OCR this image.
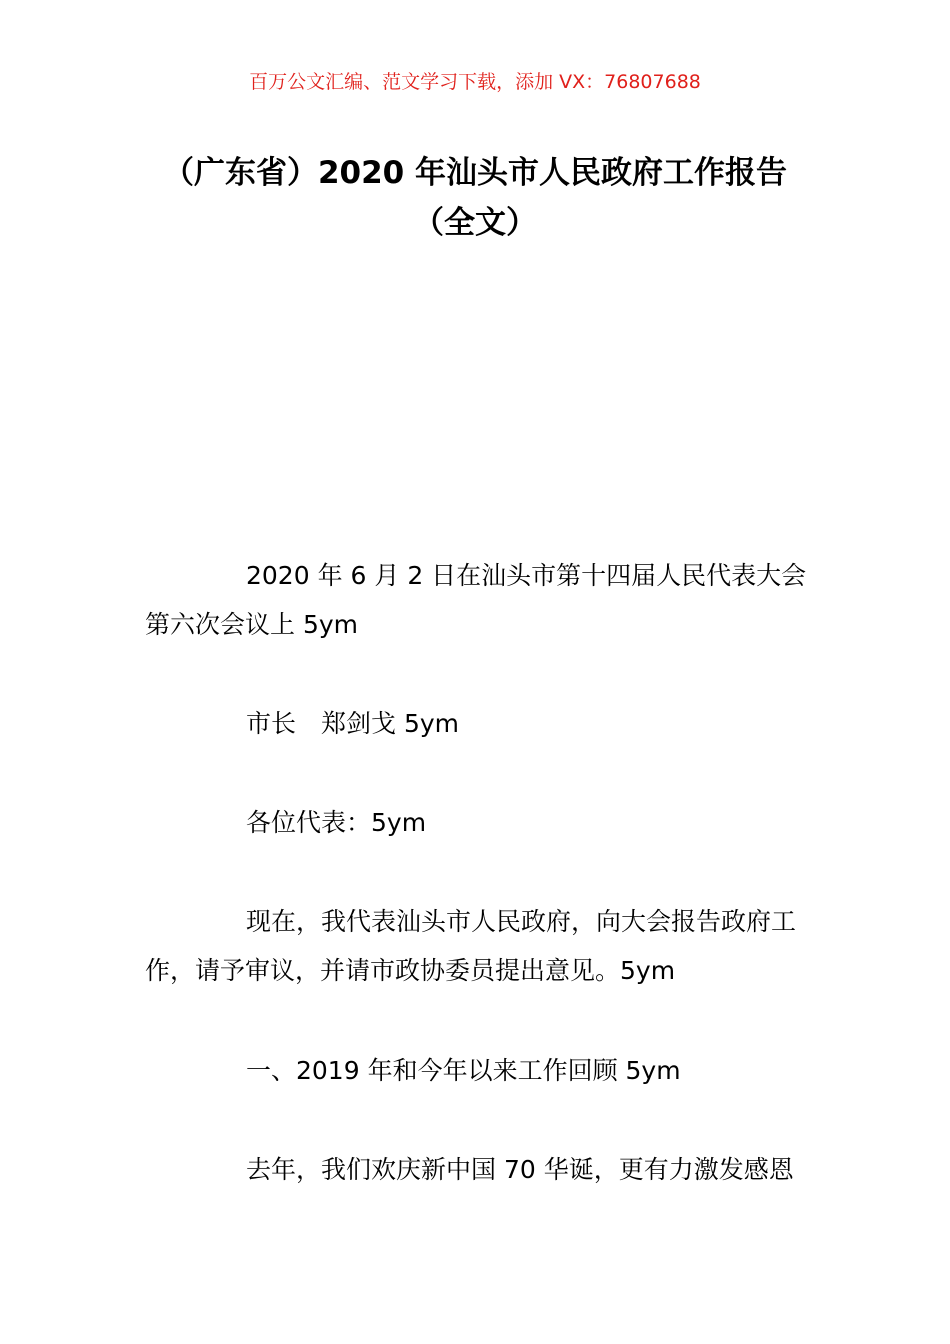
百万公文汇编、范文学习下载，添加 VX：76807688
（广东省）2020 年汕头市人民政府工作报告（全文）

2020 年 6 月 2 日在汕头市第十四届人民代表大会第六次会议上 5ym

市长　郑剑戈 5ym

各位代表：5ym

现在，我代表汕头市人民政府，向大会报告政府工作，请予审议，并请市政协委员提出意见。5ym

一、2019 年和今年以来工作回顾 5ym

去年，我们欢庆新中国 70 华诞，更有力激发感恩
